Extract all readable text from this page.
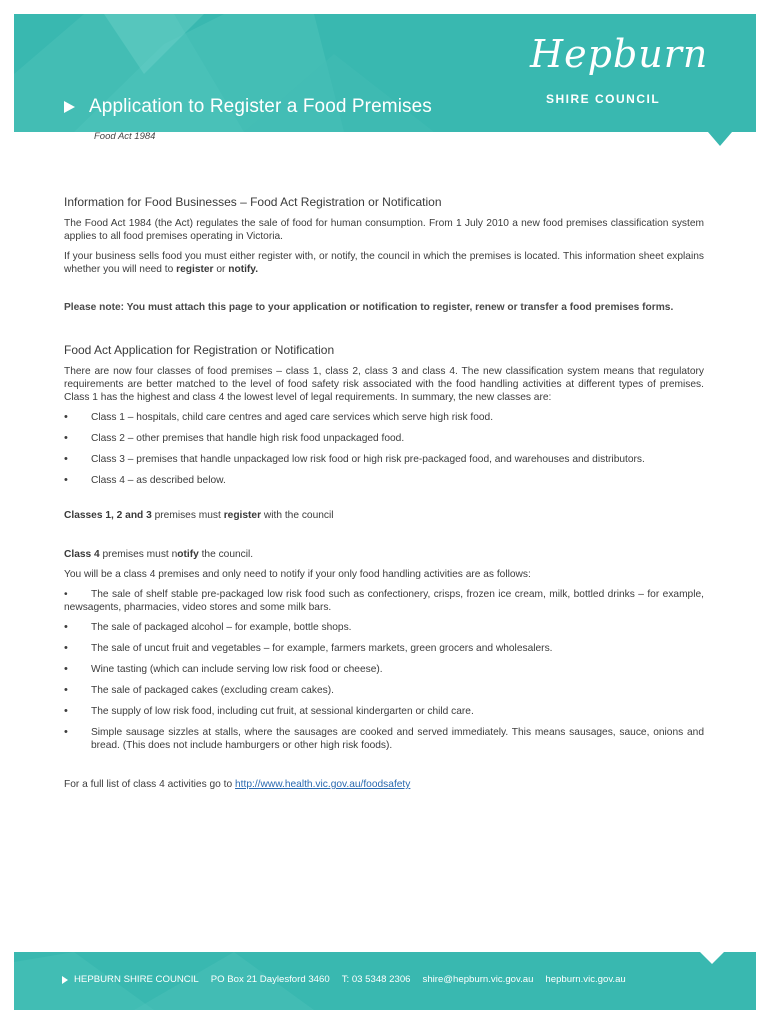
Application to Register a Food Premises
Hepburn
SHIRE COUNCIL
Food Act 1984
Information for Food Businesses – Food Act Registration or Notification

The Food Act 1984 (the Act) regulates the sale of food for human consumption. From 1 July 2010 a new food premises classification system applies to all food premises operating in Victoria.

If your business sells food you must either register with, or notify, the council in which the premises is located. This information sheet explains whether you will need to register or notify.

Please note: You must attach this page to your application or notification to register, renew or transfer a food premises forms.

Food Act Application for Registration or Notification

There are now four classes of food premises – class 1, class 2, class 3 and class 4. The new classification system means that regulatory requirements are better matched to the level of food safety risk associated with the food handling activities at different types of premises. Class 1 has the highest and class 4 the lowest level of legal requirements. In summary, the new classes are:

• Class 1 – hospitals, child care centres and aged care services which serve high risk food.
• Class 2 – other premises that handle high risk food unpackaged food.
• Class 3 – premises that handle unpackaged low risk food or high risk pre-packaged food, and warehouses and distributors.
• Class 4 – as described below.

Classes 1, 2 and 3 premises must register with the council

Class 4 premises must notify the council.

You will be a class 4 premises and only need to notify if your only food handling activities are as follows:

• The sale of shelf stable pre-packaged low risk food such as confectionery, crisps, frozen ice cream, milk, bottled drinks – for example, newsagents, pharmacies, video stores and some milk bars.

• The sale of packaged alcohol – for example, bottle shops.
• The sale of uncut fruit and vegetables – for example, farmers markets, green grocers and wholesalers.
• Wine tasting (which can include serving low risk food or cheese).
• The sale of packaged cakes (excluding cream cakes).
• The supply of low risk food, including cut fruit, at sessional kindergarten or child care.
• Simple sausage sizzles at stalls, where the sausages are cooked and served immediately. This means sausages, sauce, onions and bread. (This does not include hamburgers or other high risk foods).

For a full list of class 4 activities go to http://www.health.vic.gov.au/foodsafety

HEPBURN SHIRE COUNCIL PO Box 21 Daylesford 3460 T: 03 5348 2306 shire@hepburn.vic.gov.au hepburn.vic.gov.au
